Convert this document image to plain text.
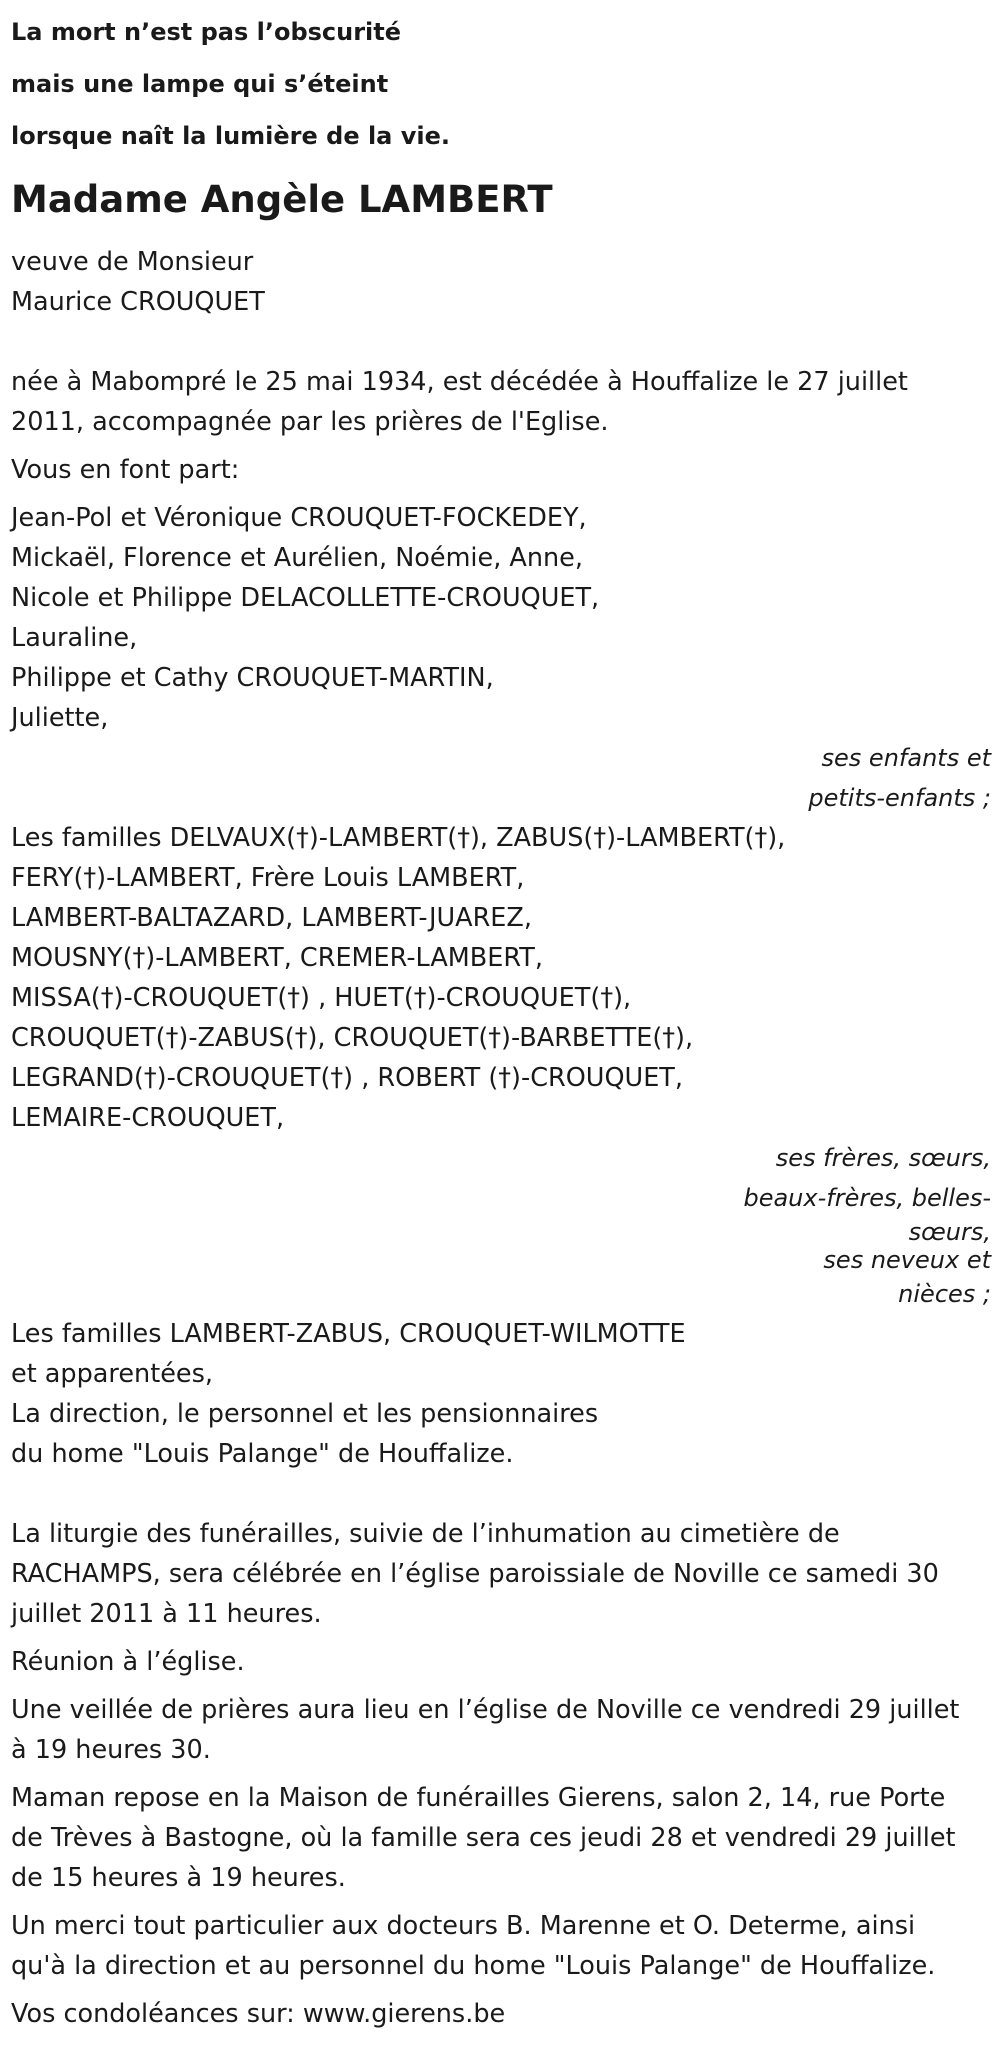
La mort n’est pas l’obscurité
mais une lampe qui s’éteint
lorsque naît la lumière de la vie.
Madame Angèle LAMBERT
veuve de Monsieur
Maurice CROUQUET
née à Mabompré le 25 mai 1934, est décédée à Houffalize le 27 juillet
2011, accompagnée par les prières de l'Eglise.
Vous en font part:
Jean-Pol et Véronique CROUQUET-FOCKEDEY,
Mickaël, Florence et Aurélien, Noémie, Anne,
Nicole et Philippe DELACOLLETTE-CROUQUET,
Lauraline,
Philippe et Cathy CROUQUET-MARTIN,
Juliette,
ses enfants et
petits-enfants ;
Les familles DELVAUX(†)-LAMBERT(†), ZABUS(†)-LAMBERT(†),
FERY(†)-LAMBERT, Frère Louis LAMBERT,
LAMBERT-BALTAZARD, LAMBERT-JUAREZ,
MOUSNY(†)-LAMBERT, CREMER-LAMBERT,
MISSA(†)-CROUQUET(†) , HUET(†)-CROUQUET(†),
CROUQUET(†)-ZABUS(†), CROUQUET(†)-BARBETTE(†),
LEGRAND(†)-CROUQUET(†) , ROBERT (†)-CROUQUET,
LEMAIRE-CROUQUET,
ses frères, sœurs,
beaux-frères, belles-
sœurs,
ses neveux et
nièces ;
Les familles LAMBERT-ZABUS, CROUQUET-WILMOTTE
et apparentées,
La direction, le personnel et les pensionnaires
du home "Louis Palange" de Houffalize.
La liturgie des funérailles, suivie de l’inhumation au cimetière de
RACHAMPS, sera célébrée en l’église paroissiale de Noville ce samedi 30
juillet 2011 à 11 heures.
Réunion à l’église.
Une veillée de prières aura lieu en l’église de Noville ce vendredi 29 juillet
à 19 heures 30.
Maman repose en la Maison de funérailles Gierens, salon 2, 14, rue Porte
de Trèves à Bastogne, où la famille sera ces jeudi 28 et vendredi 29 juillet
de 15 heures à 19 heures.
Un merci tout particulier aux docteurs B. Marenne et O. Determe, ainsi
qu'à la direction et au personnel du home "Louis Palange" de Houffalize.
Vos condoléances sur: www.gierens.be
